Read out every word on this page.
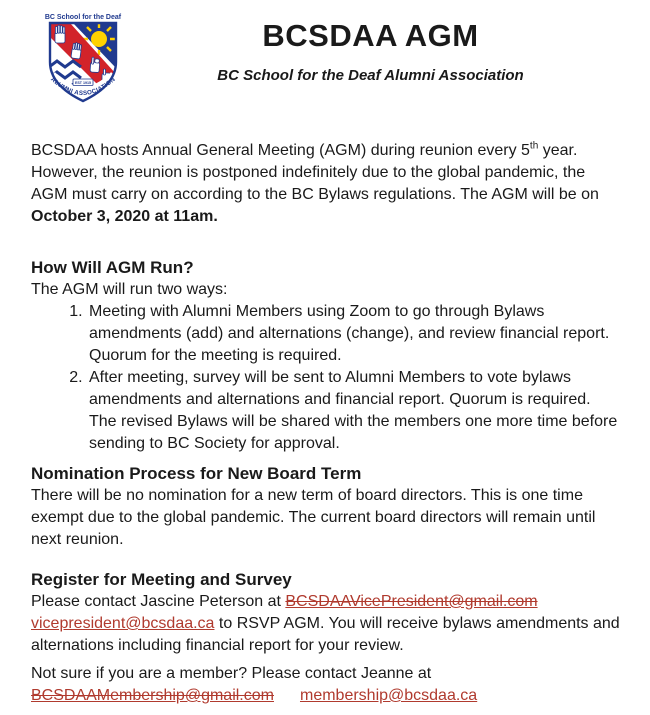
BC School for the Deaf
EST 1915
ALUMNI ASSOCIATION
BCSDAA AGM
BC School for the Deaf Alumni Association

BCSDAA hosts Annual General Meeting (AGM) during reunion every 5th year. However, the reunion is postponed indefinitely due to the global pandemic, the AGM must carry on according to the BC Bylaws regulations. The AGM will be on October 3, 2020 at 11am.

How Will AGM Run?

The AGM will run two ways:

1. Meeting with Alumni Members using Zoom to go through Bylaws amendments (add) and alternations (change), and review financial report. Quorum for the meeting is required.
2. After meeting, survey will be sent to Alumni Members to vote bylaws amendments and alternations and financial report. Quorum is required. The revised Bylaws will be shared with the members one more time before sending to BC Society for approval.
Nomination Process for New Board Term

There will be no nomination for a new term of board directors. This is one time exempt due to the global pandemic. The current board directors will remain until next reunion.

Register for Meeting and Survey

Please contact Jascine Peterson at BCSDAAVicePresident@gmail.com vicepresident@bcsdaa.ca to RSVP AGM. You will receive bylaws amendments and alternations including financial report for your review.

Not sure if you are a member? Please contact Jeanne at BCSDAAMembership@gmail.com membership@bcsdaa.ca
